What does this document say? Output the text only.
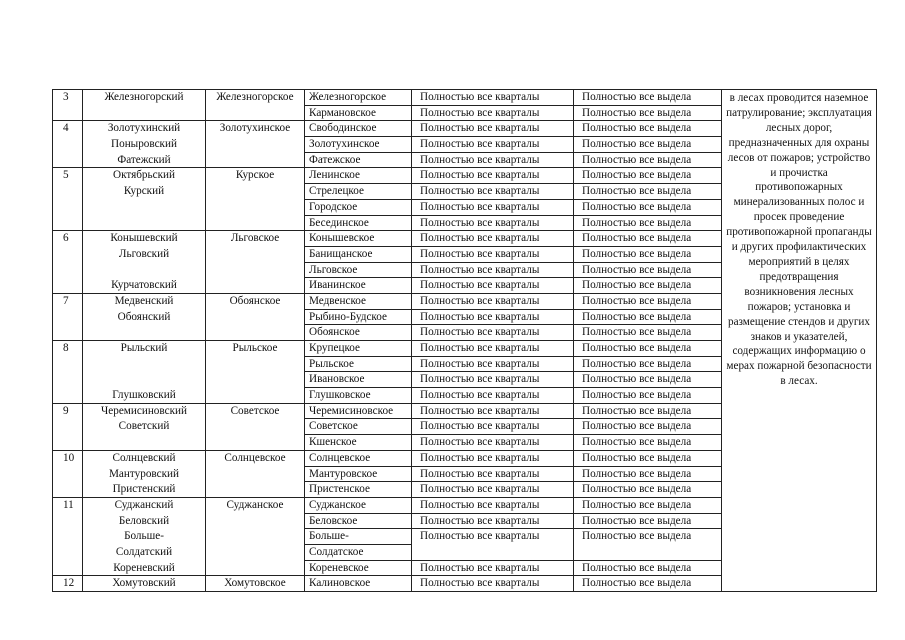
3	Железногорский	Железногорское	Железногорское	Полностью все кварталы	Полностью все выдела	в лесах проводится наземное патрулирование; эксплуатация лесных дорог, предназначенных для охраны лесов от пожаров; устройство и прочистка противопожарных минерализованных полос и просек проведение противопожарной пропаганды и других профилактических мероприятий в целях предотвращения возникновения лесных пожаров; установка и размещение стендов и других знаков и указателей, содержащих информацию о мерах пожарной безопасности в лесах.
			Кармановское	Полностью все кварталы	Полностью все выдела	
4	Золотухинский	Золотухинское	Свободинское	Полностью все кварталы	Полностью все выдела	
	Поныровский		Золотухинское	Полностью все кварталы	Полностью все выдела	
	Фатежский		Фатежское	Полностью все кварталы	Полностью все выдела	
5	Октябрьский	Курское	Ленинское	Полностью все кварталы	Полностью все выдела	
	Курский		Стрелецкое	Полностью все кварталы	Полностью все выдела	
			Городское	Полностью все кварталы	Полностью все выдела	
			Бесединское	Полностью все кварталы	Полностью все выдела	
6	Конышевский	Льговское	Конышевское	Полностью все кварталы	Полностью все выдела	
	Льговский		Банищанское	Полностью все кварталы	Полностью все выдела	
			Льговское	Полностью все кварталы	Полностью все выдела	
	Курчатовский		Иванинское	Полностью все кварталы	Полностью все выдела	
7	Медвенский	Обоянское	Медвенское	Полностью все кварталы	Полностью все выдела	
	Обоянский		Рыбино-Будское	Полностью все кварталы	Полностью все выдела	
			Обоянское	Полностью все кварталы	Полностью все выдела	
8	Рыльский	Рыльское	Крупецкое	Полностью все кварталы	Полностью все выдела	
			Рыльское	Полностью все кварталы	Полностью все выдела	
			Ивановское	Полностью все кварталы	Полностью все выдела	
	Глушковский		Глушковское	Полностью все кварталы	Полностью все выдела	
9	Черемисиновский	Советское	Черемисиновское	Полностью все кварталы	Полностью все выдела	
	Советский		Советское	Полностью все кварталы	Полностью все выдела	
			Кшенское	Полностью все кварталы	Полностью все выдела	
10	Солнцевский	Солнцевское	Солнцевское	Полностью все кварталы	Полностью все выдела	
	Мантуровский		Мантуровское	Полностью все кварталы	Полностью все выдела	
	Пристенский		Пристенское	Полностью все кварталы	Полностью все выдела	
11	Суджанский	Суджанское	Суджанское	Полностью все кварталы	Полностью все выдела	
	Беловский		Беловское	Полностью все кварталы	Полностью все выдела	
	Больше-		Больше-	Полностью все кварталы	Полностью все выдела	
	Солдатский		Солдатское			
	Кореневский		Кореневское	Полностью все кварталы	Полностью все выдела	
12	Хомутовский	Хомутовское	Калиновское	Полностью все кварталы	Полностью все выдела	
